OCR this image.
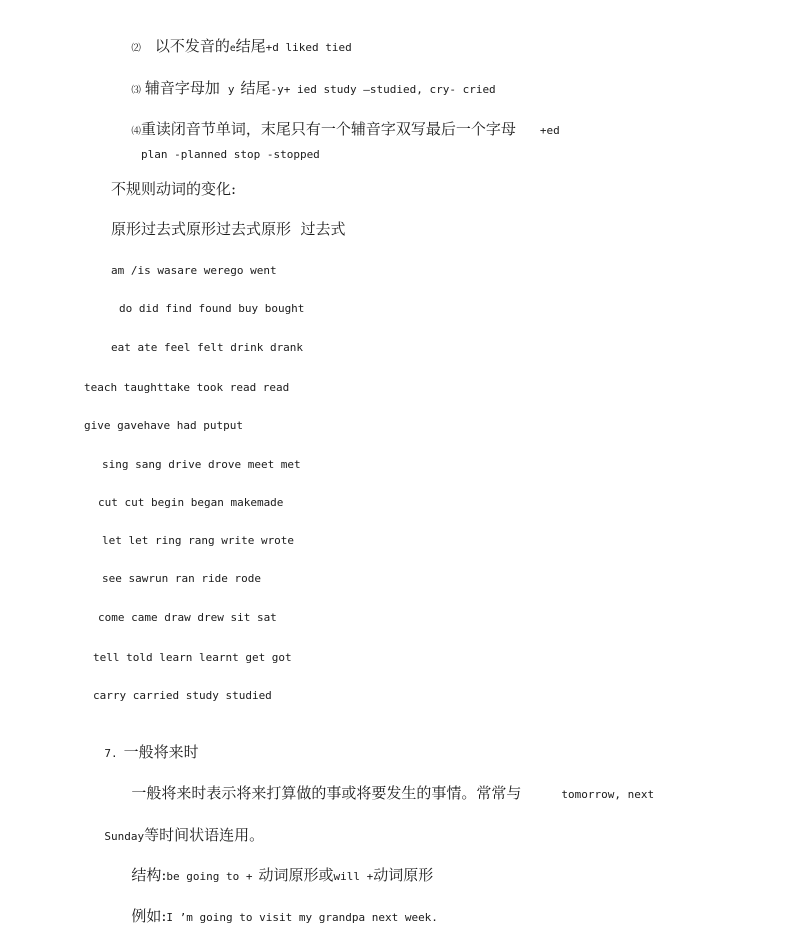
⑵ 以不发音的e结尾+d liked tied

⑶ 辅音字母加 y 结尾-y+ ied study —studied, cry- cried

⑷重读闭音节单词，末尾只有一个辅音字双写最后一个字母 +ed

plan -planned stop -stopped
不规则动词的变化:
原形过去式原形过去式原形  过去式
am /is wasare werego went
do did find found buy bought
eat ate feel felt drink drank
teach taughttake took read read
give gavehave had putput
sing sang drive drove meet met
cut cut begin began makemade
let let ring rang write wrote
see sawrun ran ride rode
come came draw drew sit sat
tell told learn learnt get got
carry carried study studied

7. 一般将来时

一般将来时表示将来打算做的事或将要发生的事情。常常与	tomorrow, next

Sunday等时间状语连用。

结构:be going to + 动词原形或will +动词原形

例如:I ’m going to visit my grandpa next week.
